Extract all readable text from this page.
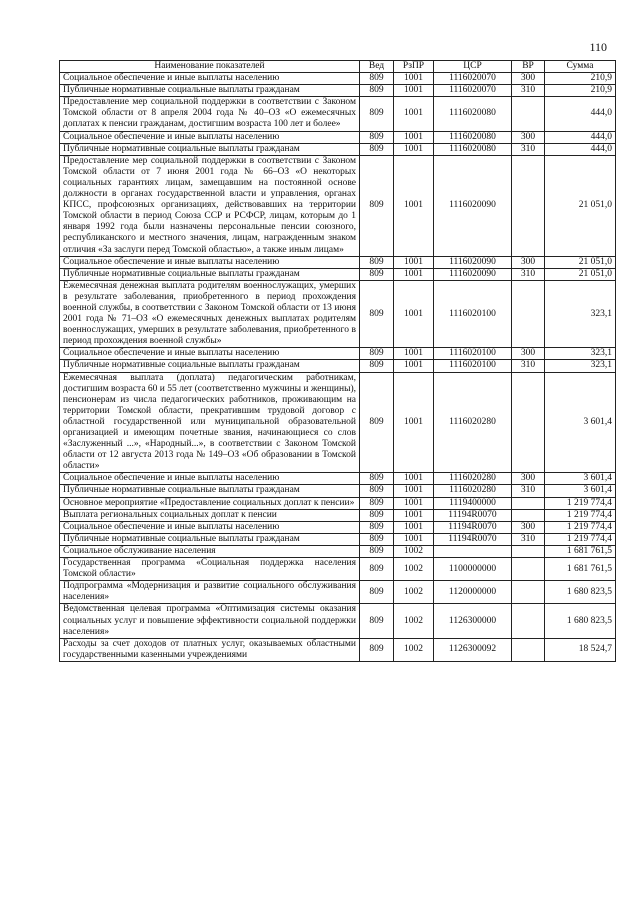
110
Наименование показателей	Вед	РзПР	ЦСР	ВР	Сумма
Социальное обеспечение и иные выплаты населению	809	1001	1116020070	300	210,9
Публичные нормативные социальные выплаты гражданам	809	1001	1116020070	310	210,9
Предоставление мер социальной поддержки в соответствии с Законом Томской области от 8 апреля 2004 года № 40–ОЗ «О ежемесячных доплатах к пенсии гражданам, достигшим возраста 100 лет и более»	809	1001	1116020080		444,0
Социальное обеспечение и иные выплаты населению	809	1001	1116020080	300	444,0
Публичные нормативные социальные выплаты гражданам	809	1001	1116020080	310	444,0
Предоставление мер социальной поддержки в соответствии с Законом Томской области от 7 июня 2001 года № 66–ОЗ «О некоторых социальных гарантиях лицам, замещавшим на постоянной основе должности в органах государственной власти и управления, органах КПСС, профсоюзных организациях, действовавших на территории Томской области в период Союза ССР и РСФСР, лицам, которым до 1 января 1992 года были назначены персональные пенсии союзного, республиканского и местного значения, лицам, награжденным знаком отличия «За заслуги перед Томской областью», а также иным лицам»	809	1001	1116020090		21 051,0
Социальное обеспечение и иные выплаты населению	809	1001	1116020090	300	21 051,0
Публичные нормативные социальные выплаты гражданам	809	1001	1116020090	310	21 051,0
Ежемесячная денежная выплата родителям военнослужащих, умерших в результате заболевания, приобретенного в период прохождения военной службы, в соответствии с Законом Томской области от 13 июня 2001 года № 71–ОЗ «О ежемесячных денежных выплатах родителям военнослужащих, умерших в результате заболевания, приобретенного в период прохождения военной службы»	809	1001	1116020100		323,1
Социальное обеспечение и иные выплаты населению	809	1001	1116020100	300	323,1
Публичные нормативные социальные выплаты гражданам	809	1001	1116020100	310	323,1
Ежемесячная выплата (доплата) педагогическим работникам, достигшим возраста 60 и 55 лет (соответственно мужчины и женщины), пенсионерам из числа педагогических работников, проживающим на территории Томской области, прекратившим трудовой договор с областной государственной или муниципальной образовательной организацией и имеющим почетные звания, начинающиеся со слов «Заслуженный ...», «Народный...», в соответствии с Законом Томской области от 12 августа 2013 года № 149–ОЗ «Об образовании в Томской области»	809	1001	1116020280		3 601,4
Социальное обеспечение и иные выплаты населению	809	1001	1116020280	300	3 601,4
Публичные нормативные социальные выплаты гражданам	809	1001	1116020280	310	3 601,4
Основное мероприятие «Предоставление социальных доплат к пенсии»	809	1001	1119400000		1 219 774,4
Выплата региональных социальных доплат к пенсии	809	1001	11194R0070		1 219 774,4
Социальное обеспечение и иные выплаты населению	809	1001	11194R0070	300	1 219 774,4
Публичные нормативные социальные выплаты гражданам	809	1001	11194R0070	310	1 219 774,4
Социальное обслуживание населения	809	1002			1 681 761,5
Государственная программа «Социальная поддержка населения Томской области»	809	1002	1100000000		1 681 761,5
Подпрограмма «Модернизация и развитие социального обслуживания населения»	809	1002	1120000000		1 680 823,5
Ведомственная целевая программа «Оптимизация системы оказания социальных услуг и повышение эффективности социальной поддержки населения»	809	1002	1126300000		1 680 823,5
Расходы за счет доходов от платных услуг, оказываемых областными государственными казенными учреждениями	809	1002	1126300092		18 524,7
